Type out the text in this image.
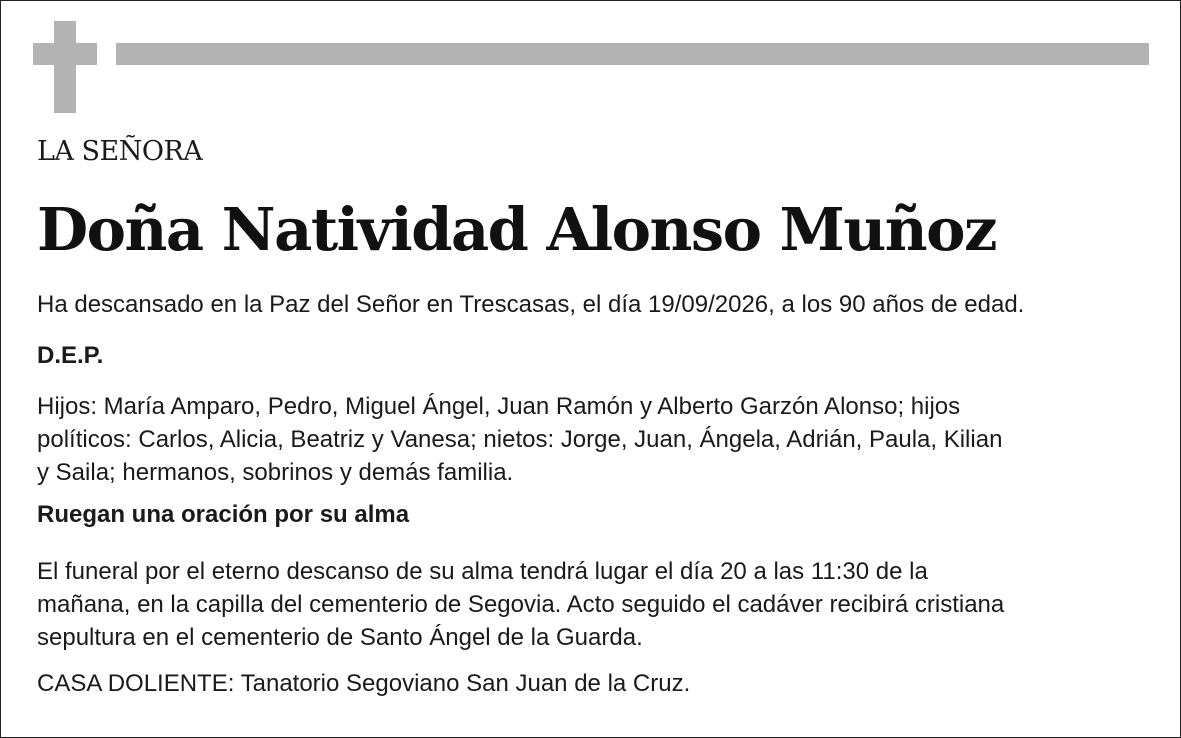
LA SEÑORA

Doña Natividad Alonso Muñoz

Ha descansado en la Paz del Señor en Trescasas, el día 19/09/2026, a los 90 años de edad.

D.E.P.

Hijos: María Amparo, Pedro, Miguel Ángel, Juan Ramón y Alberto Garzón Alonso; hijos
políticos: Carlos, Alicia, Beatriz y Vanesa; nietos: Jorge, Juan, Ángela, Adrián, Paula, Kilian
y Saila; hermanos, sobrinos y demás familia.

Ruegan una oración por su alma

El funeral por el eterno descanso de su alma tendrá lugar el día 20 a las 11:30 de la
mañana, en la capilla del cementerio de Segovia. Acto seguido el cadáver recibirá cristiana
sepultura en el cementerio de Santo Ángel de la Guarda.

CASA DOLIENTE: Tanatorio Segoviano San Juan de la Cruz.
